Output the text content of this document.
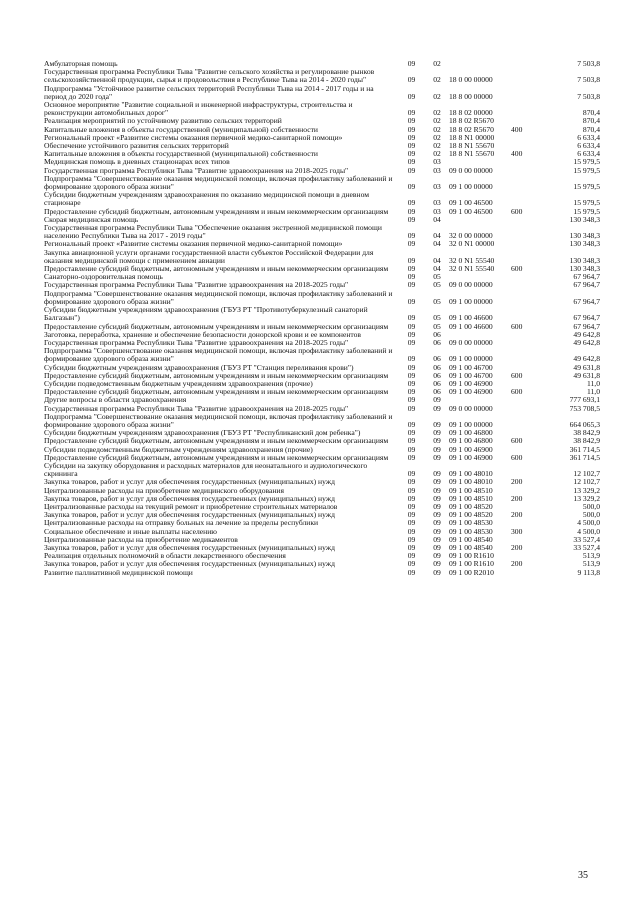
Амбулаторная помощь	09	02	7 503,8
Государственная программа Республики Тыва "Развитие сельского хозяйства и регулирование рынков сельскохозяйственной продукции, сырья и продовольствия в Республике Тыва на 2014 - 2020 годы"	09	02	18 0 00 00000	7 503,8
Подпрограмма "Устойчивое развитие сельских территорий Республики Тыва на 2014 - 2017 годы и на период до 2020 года"	09	02	18 8 00 00000	7 503,8
Основное мероприятие "Развитие социальной и инженерной инфраструктуры, строительства и реконструкции автомобильных дорог"	09	02	18 8 02 00000	870,4
Реализация мероприятий по устойчивому развитию сельских территорий	09	02	18 8 02 R5670	870,4
Капитальные вложения в объекты государственной (муниципальной) собственности	09	02	18 8 02 R5670	400	870,4
Региональный проект «Развитие системы оказания первичной медико-санитарной помощи»	09	02	18 8 N1 00000	6 633,4
Обеспечение устойчивого развития сельских территорий	09	02	18 8 N1 55670	6 633,4
Капитальные вложения в объекты государственной (муниципальной) собственности	09	02	18 8 N1 55670	400	6 633,4
Медицинская помощь в дневных стационарах всех типов	09	03	15 979,5
Государственная программа Республики Тыва "Развитие здравоохранения на 2018-2025 годы"	09	03	09 0 00 00000	15 979,5
Подпрограмма "Совершенствование оказания медицинской помощи, включая профилактику заболеваний и формирование здорового образа жизни"	09	03	09 1 00 00000	15 979,5
Субсидии бюджетным учреждениям здравоохранения по оказанию медицинской помощи в дневном стационаре	09	03	09 1 00 46500	15 979,5
Предоставление субсидий бюджетным, автономным учреждениям и иным некоммерческим организациям	09	03	09 1 00 46500	600	15 979,5
Скорая медицинская помощь	09	04	130 348,3
Государственная программа Республики Тыва "Обеспечение оказания экстренной медицинской помощи населению Республики Тыва на 2017 - 2019 годы"	09	04	32 0 00 00000	130 348,3
Региональный проект «Развитие системы оказания первичной медико-санитарной помощи»	09	04	32 0 N1 00000	130 348,3
Закупка авиационной услуги органами государственной власти субъектов Российской Федерации для оказания медицинской помощи с применением авиации	09	04	32 0 N1 55540	130 348,3
Предоставление субсидий бюджетным, автономным учреждениям и иным некоммерческим организациям	09	04	32 0 N1 55540	600	130 348,3
Санаторно-оздоровительная помощь	09	05	67 964,7
Государственная программа Республики Тыва "Развитие здравоохранения на 2018-2025 годы"	09	05	09 0 00 00000	67 964,7
Подпрограмма "Совершенствование оказания медицинской помощи, включая профилактику заболеваний и формирование здорового образа жизни"	09	05	09 1 00 00000	67 964,7
Субсидии бюджетным учреждениям здравоохранения (ГБУЗ РТ "Противотуберкулезный санаторий Балгазын")	09	05	09 1 00 46600	67 964,7
Предоставление субсидий бюджетным, автономным учреждениям и иным некоммерческим организациям	09	05	09 1 00 46600	600	67 964,7
Заготовка, переработка, хранение и обеспечение безопасности донорской крови и ее компонентов	09	06	49 642,8
Государственная программа Республики Тыва "Развитие здравоохранения на 2018-2025 годы"	09	06	09 0 00 00000	49 642,8
Подпрограмма "Совершенствование оказания медицинской помощи, включая профилактику заболеваний и формирование здорового образа жизни"	09	06	09 1 00 00000	49 642,8
Субсидии бюджетным учреждениям здравоохранения (ГБУЗ РТ "Станция переливания крови")	09	06	09 1 00 46700	49 631,8
Предоставление субсидий бюджетным, автономным учреждениям и иным некоммерческим организациям	09	06	09 1 00 46700	600	49 631,8
Субсидии подведомственным бюджетным учреждениям здравоохранения (прочие)	09	06	09 1 00 46900	11,0
Предоставление субсидий бюджетным, автономным учреждениям и иным некоммерческим организациям	09	06	09 1 00 46900	600	11,0
Другие вопросы в области здравоохранения	09	09	777 693,1
Государственная программа Республики Тыва "Развитие здравоохранения на 2018-2025 годы"	09	09	09 0 00 00000	753 708,5
Подпрограмма "Совершенствование оказания медицинской помощи, включая профилактику заболеваний и формирование здорового образа жизни"	09	09	09 1 00 00000	664 065,3
Субсидии бюджетным учреждениям здравоохранения (ГБУЗ РТ "Республиканский дом ребенка")	09	09	09 1 00 46800	38 842,9
Предоставление субсидий бюджетным, автономным учреждениям и иным некоммерческим организациям	09	09	09 1 00 46800	600	38 842,9
Субсидии подведомственным бюджетным учреждениям здравоохранения (прочие)	09	09	09 1 00 46900	361 714,5
Предоставление субсидий бюджетным, автономным учреждениям и иным некоммерческим организациям	09	09	09 1 00 46900	600	361 714,5
Субсидии на закупку оборудования и расходных материалов для неонатального и аудиологического скрининга	09	09	09 1 00 48010	12 102,7
Закупка товаров, работ и услуг для обеспечения государственных (муниципальных) нужд	09	09	09 1 00 48010	200	12 102,7
Централизованные расходы на приобретение медицинского оборудования	09	09	09 1 00 48510	13 329,2
Закупка товаров, работ и услуг для обеспечения государственных (муниципальных) нужд	09	09	09 1 00 48510	200	13 329,2
Централизованные расходы на текущий ремонт и приобретение строительных материалов	09	09	09 1 00 48520	500,0
Закупка товаров, работ и услуг для обеспечения государственных (муниципальных) нужд	09	09	09 1 00 48520	200	500,0
Централизованные расходы на отправку больных на лечение за пределы республики	09	09	09 1 00 48530	4 500,0
Социальное обеспечение и иные выплаты населению	09	09	09 1 00 48530	300	4 500,0
Централизованные расходы на приобретение медикаментов	09	09	09 1 00 48540	33 527,4
Закупка товаров, работ и услуг для обеспечения государственных (муниципальных) нужд	09	09	09 1 00 48540	200	33 527,4
Реализация отдельных полномочий в области лекарственного обеспечения	09	09	09 1 00 R1610	513,9
Закупка товаров, работ и услуг для обеспечения государственных (муниципальных) нужд	09	09	09 1 00 R1610	200	513,9
Развитие паллиативной медицинской помощи	09	09	09 1 00 R2010	9 113,8
35
